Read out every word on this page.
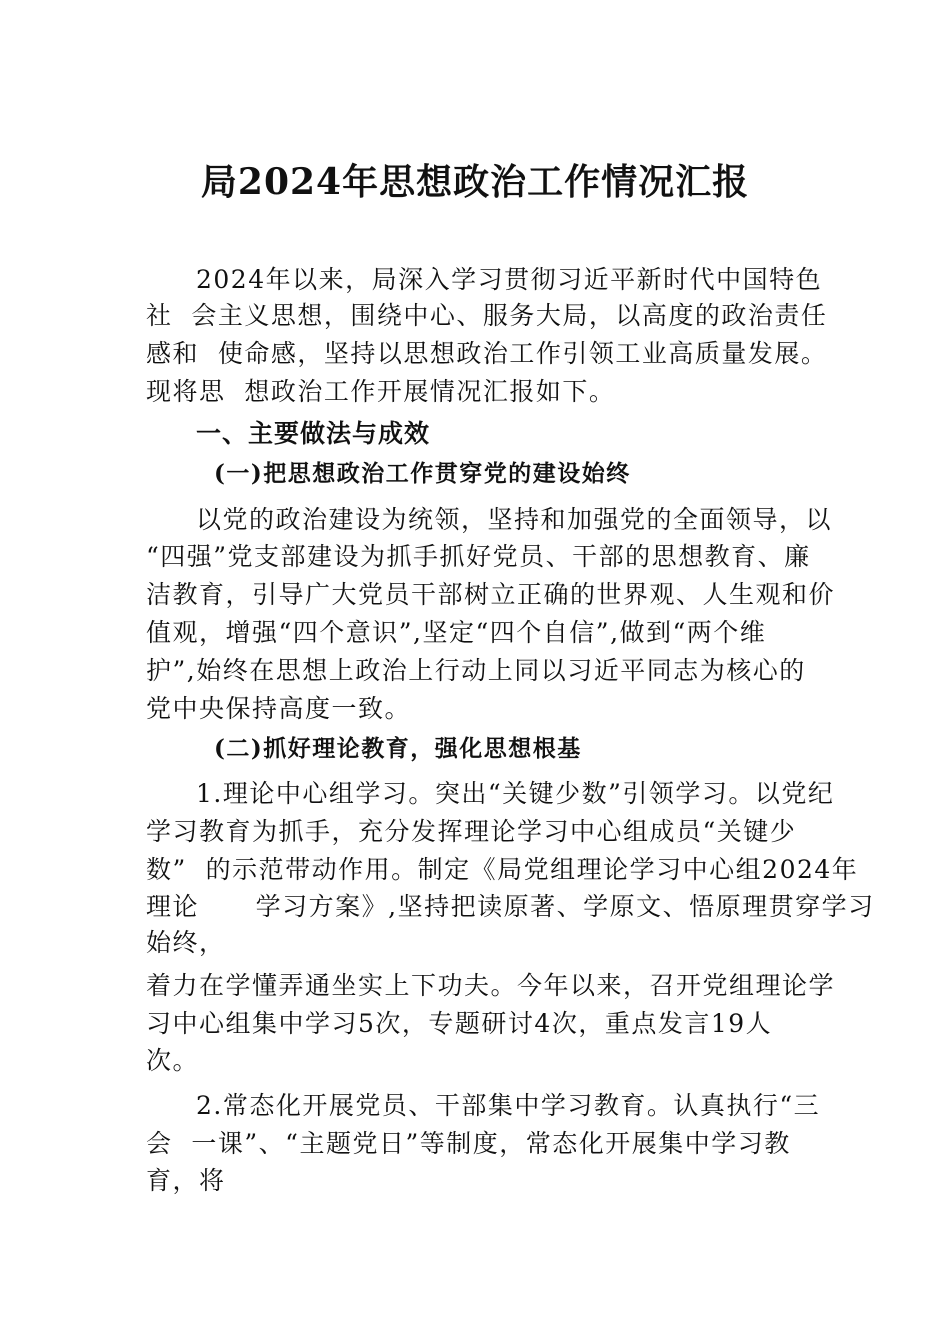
局2024年思想政治工作情况汇报
2024年以来，局深入学习贯彻习近平新时代中国特色
社  会主义思想，围绕中心、服务大局，以高度的政治责任
感和  使命感，坚持以思想政治工作引领工业高质量发展。
现将思  想政治工作开展情况汇报如下。
一、主要做法与成效
(一)把思想政治工作贯穿党的建设始终
以党的政治建设为统领，坚持和加强党的全面领导，以
“四强”党支部建设为抓手抓好党员、干部的思想教育、廉
洁教育，引导广大党员干部树立正确的世界观、人生观和价
值观，增强“四个意识”,坚定“四个自信”,做到“两个维
护”,始终在思想上政治上行动上同以习近平同志为核心的
党中央保持高度一致。
(二)抓好理论教育，强化思想根基
1.理论中心组学习。突出“关键少数”引领学习。以党纪
学习教育为抓手，充分发挥理论学习中心组成员“关键少
数”  的示范带动作用。制定《局党组理论学习中心组2024年
理论      学习方案》,坚持把读原著、学原文、悟原理贯穿学习
始终，
着力在学懂弄通坐实上下功夫。今年以来，召开党组理论学
习中心组集中学习5次，专题研讨4次，重点发言19人
次。
2.常态化开展党员、干部集中学习教育。认真执行“三
会  一课”、“主题党日”等制度，常态化开展集中学习教
育，将
